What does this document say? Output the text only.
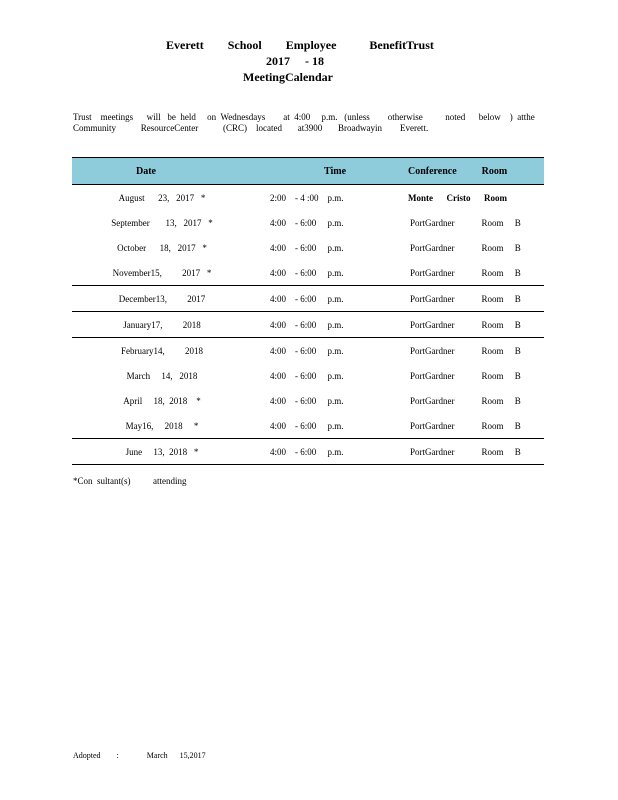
Everett        School        Employee           BenefitTrust
2017     - 18
MeetingCalendar
Trust    meetings      will   be  held     on  Wednesdays        at  4:00     p.m.   (unless        otherwise          noted      below    )  atthe
Community           ResourceCenter           (CRC)    located       at3900       Broadwayin        Everett.
Date	Time	Conference          Room
August      23,   2017   *	2:00    - 4 :00    p.m.	Monte      Cristo      Room
September       13,   2017   *	4:00    - 6:00     p.m.	PortGardner            Room     B
October      18,   2017   *	4:00    - 6:00     p.m.	PortGardner            Room     B
November15,         2017   *	4:00    - 6:00     p.m.	PortGardner            Room     B
December13,         2017	4:00    - 6:00     p.m.	PortGardner            Room     B
January17,         2018	4:00    - 6:00     p.m.	PortGardner            Room     B
February14,         2018	4:00    - 6:00     p.m.	PortGardner            Room     B
March     14,   2018	4:00    - 6:00     p.m.	PortGardner            Room     B
April     18,  2018    *	4:00    - 6:00     p.m.	PortGardner            Room     B
May16,     2018     *	4:00    - 6:00     p.m.	PortGardner            Room     B
June     13,  2018   *	4:00    - 6:00     p.m.	PortGardner            Room     B
*Con  sultant(s)          attending
Adopted        :              March      15,2017
